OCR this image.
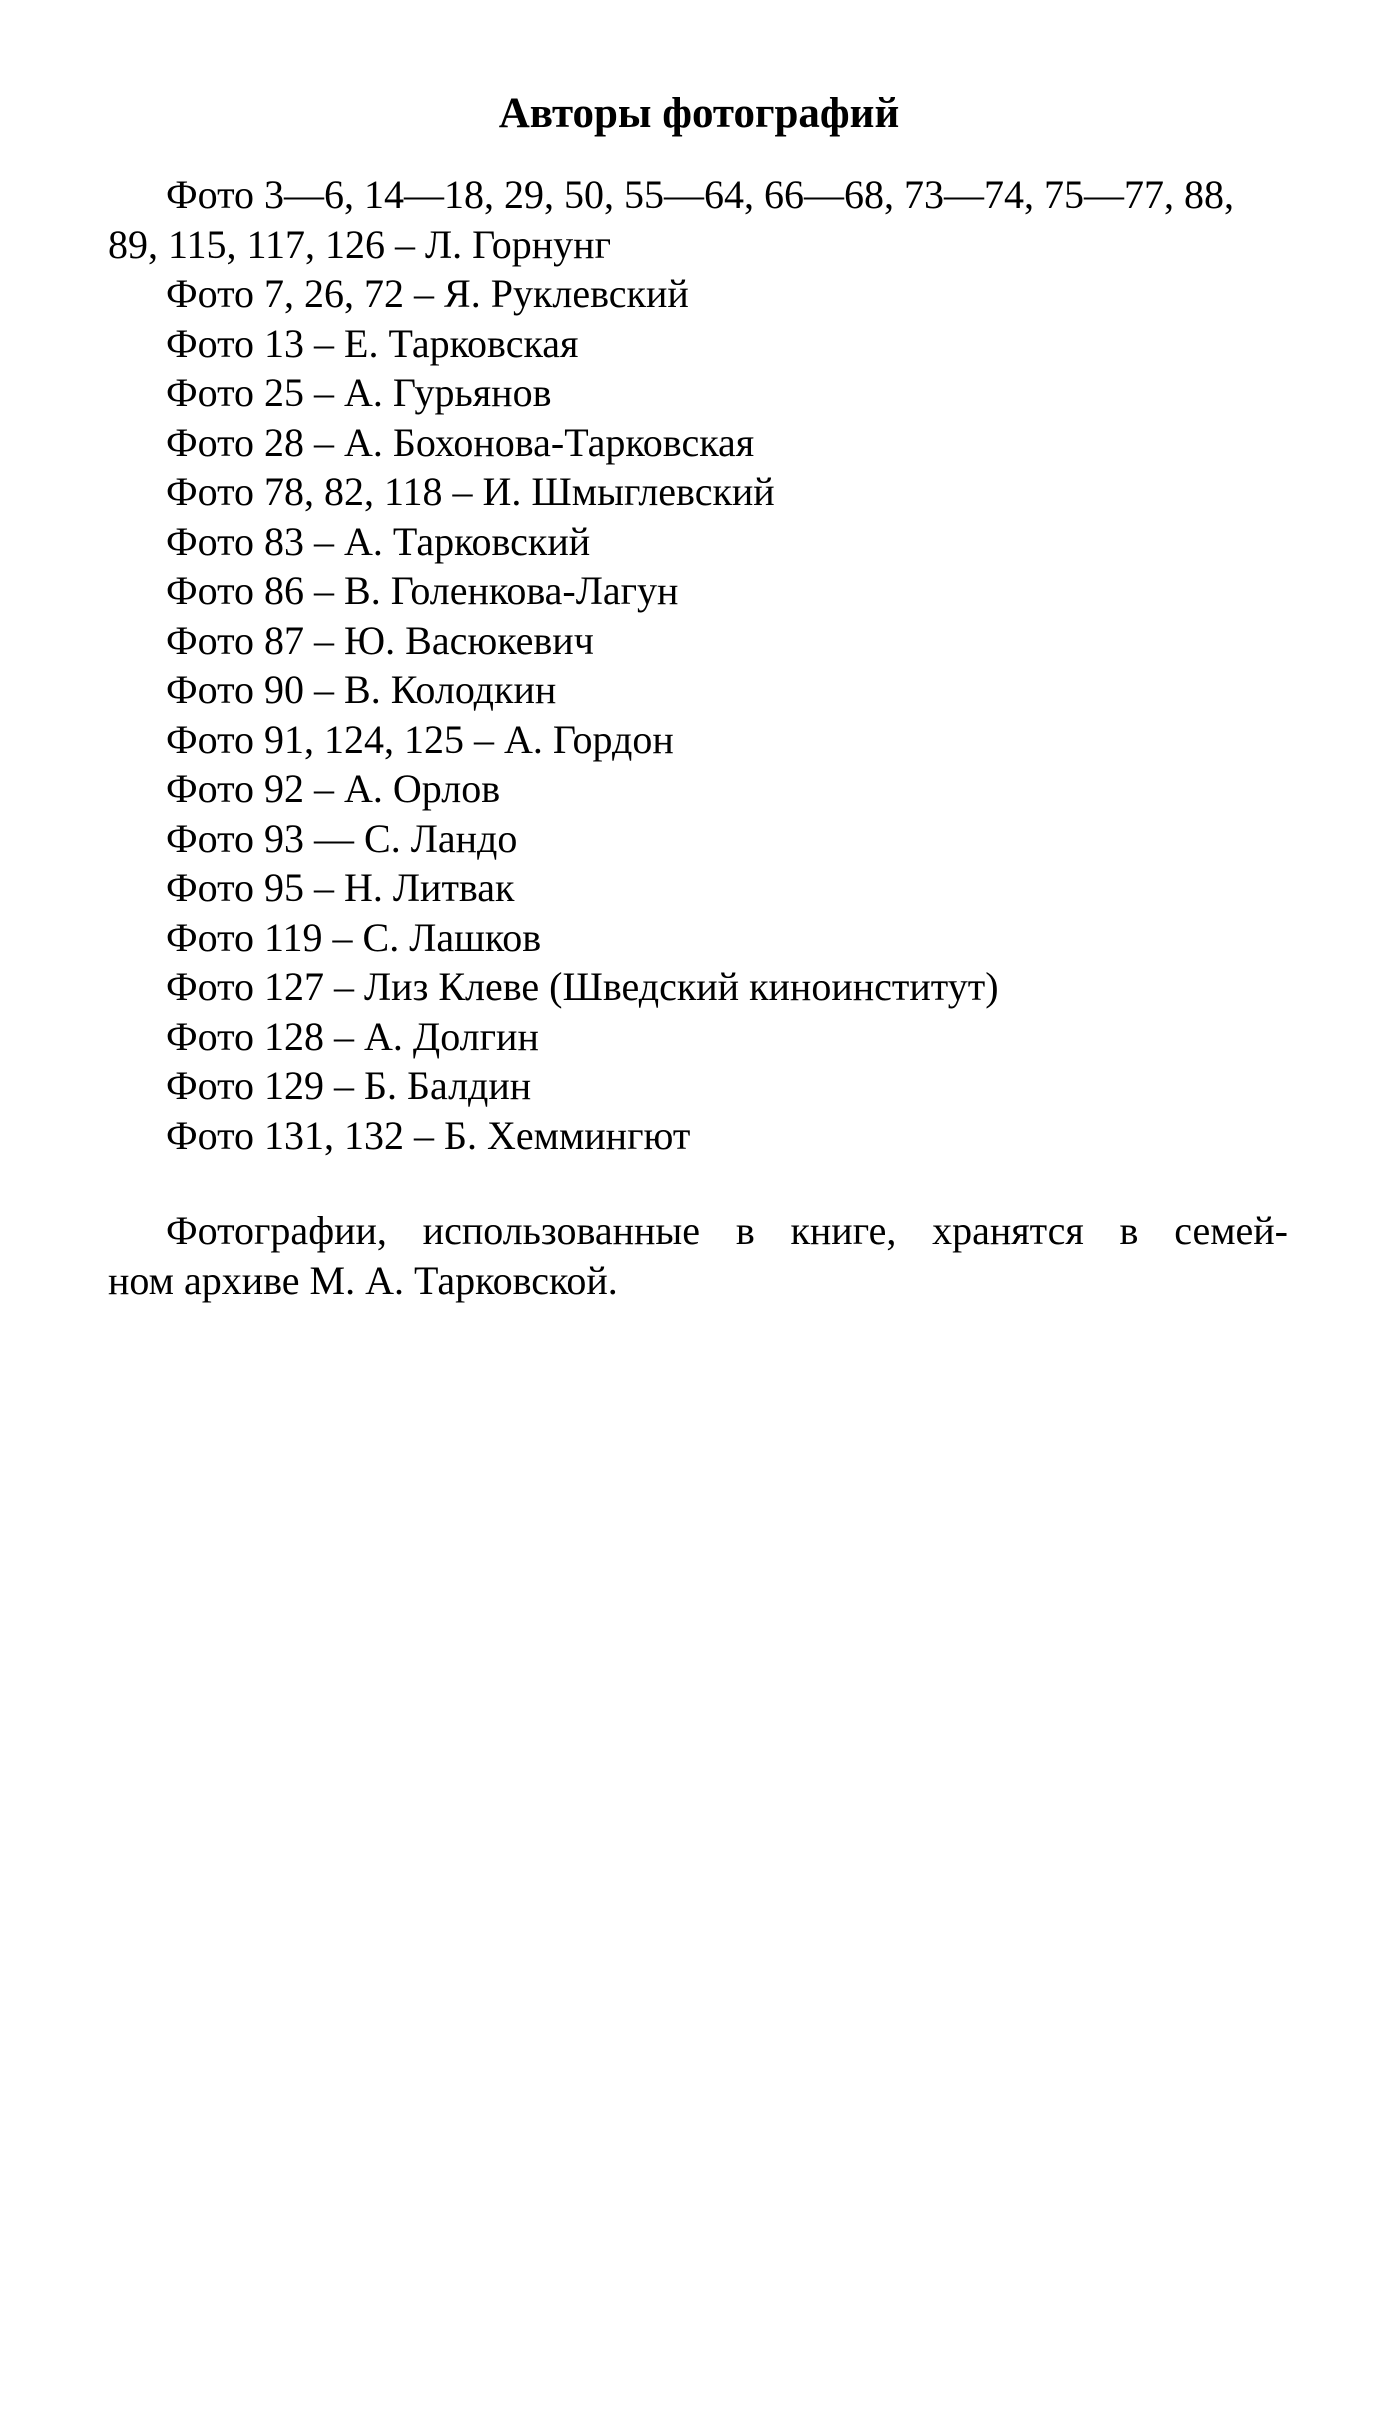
Авторы фотографий
Фото 3—6, 14—18, 29, 50, 55—64, 66—68, 73—74, 75—77, 88,
89, 115, 117, 126 – Л. Горнунг
Фото 7, 26, 72 – Я. Руклевский
Фото 13 – Е. Тарковская
Фото 25 – А. Гурьянов
Фото 28 – А. Бохонова-Тарковская
Фото 78, 82, 118 – И. Шмыглевский
Фото 83 – А. Тарковский
Фото 86 – В. Голенкова-Лагун
Фото 87 – Ю. Васюкевич
Фото 90 – В. Колодкин
Фото 91, 124, 125 – А. Гордон
Фото 92 – А. Орлов
Фото 93 — С. Ландо
Фото 95 – Н. Литвак
Фото 119 – С. Лашков
Фото 127 – Лиз Клеве (Шведский киноинститут)
Фото 128 – А. Долгин
Фото 129 – Б. Балдин
Фото 131, 132 – Б. Хеммингют

Фотографии, использованные в книге, хранятся в семей-
ном архиве М. А. Тарковской.
